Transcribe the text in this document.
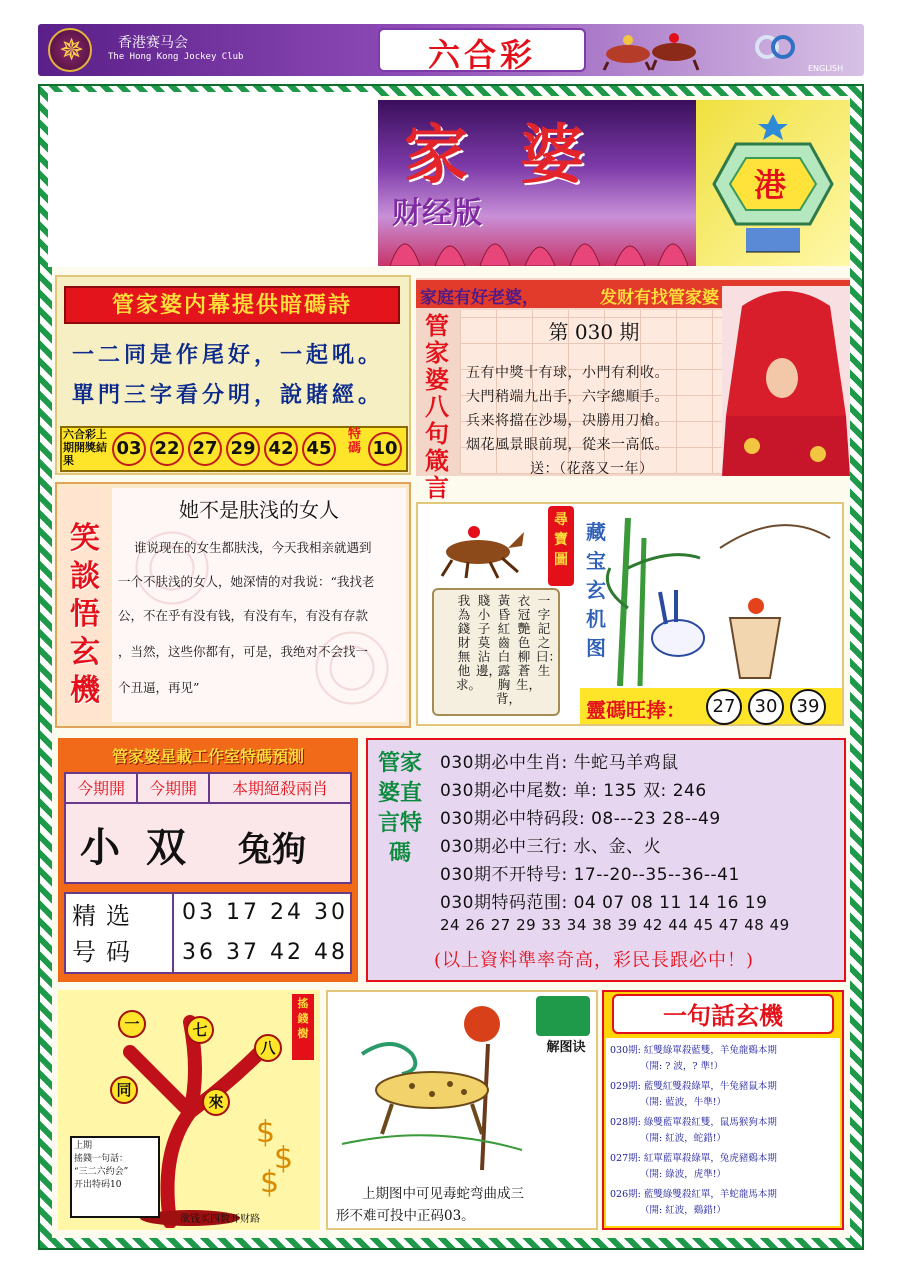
✵
香港赛马会
The Hong Kong Jockey Club	六合彩	ENGLISH
家婆
财经版
港
管家婆内幕提供暗碼詩
一二同是作尾好，一起吼。
單門三字看分明，說賭經。
六合彩上期開獎結果
03 22 27 29 42 45
特碼 10
家庭有好老婆，	发财有找管家婆
管家婆八句箴言
第 030 期
五有中獎十有球，小門有利收。
大門稍端九出手，六字總順手。
兵来将擋在沙場，决勝用刀槍。
烟花風景眼前現，從来一高低。
送：（花落又一年）
笑談悟玄機
她不是肤浅的女人
谁说现在的女生都肤浅，今天我相亲就遇到
一个不肤浅的女人，她深情的对我说：“我找老
公，不在乎有没有钱，有没有车，有没有存款
，当然，这些你都有，可是，我绝对不会找一
个丑逼，再见”
一字記之曰：生
衣冠艷色柳蒼生，
黃昏紅齒白露胸背，
賤小子莫沾邊，
我為錢財無他求。
尋寶圖
藏宝玄机图
靈碼旺捧：	27	30	39
管家婆星載工作室特碼預測
今期開	今期開	本期絕殺兩肖
小 双 兔狗
精选号码
03 17 24 30
36 37 42 48
管家婆直言特碼
030期必中生肖: 牛蛇马羊鸡鼠
030期必中尾数: 单: 135 双: 246
030期必中特码段: 08---23 28--49
030期必中三行: 水、金、火
030期不开特号: 17--20--35--36--41
030期特码范围: 04 07 08 11 14 16 19
24 26 27 29 33 34 38 39 42 44 45 47 48 49
(以上資料準率奇高，彩民長跟必中！)
$
$
$
一	七
八
同
來
搖錢樹
上期
搖錢一句話：
“三二六约会”
开出特码10
欲钱买四数开财路
解图诀
上期图中可见毒蛇弯曲成三
形不难可投中正码03。
一句話玄機
030期: 紅雙綠單殺藍雙，羊兔龍鷄本期
（開: ? 波，? 準!）
029期: 藍雙紅雙殺綠單，牛兔豬鼠本期
（開: 藍波，牛準!）
028期: 綠雙藍單殺紅雙，鼠馬猴狗本期
（開: 紅波，蛇錯!）
027期: 紅單藍單殺綠單，兔虎豬鷄本期
（開: 綠波，虎準!）
026期: 藍雙綠雙殺紅單，羊蛇龍馬本期
（開: 紅波，鷄錯!）
